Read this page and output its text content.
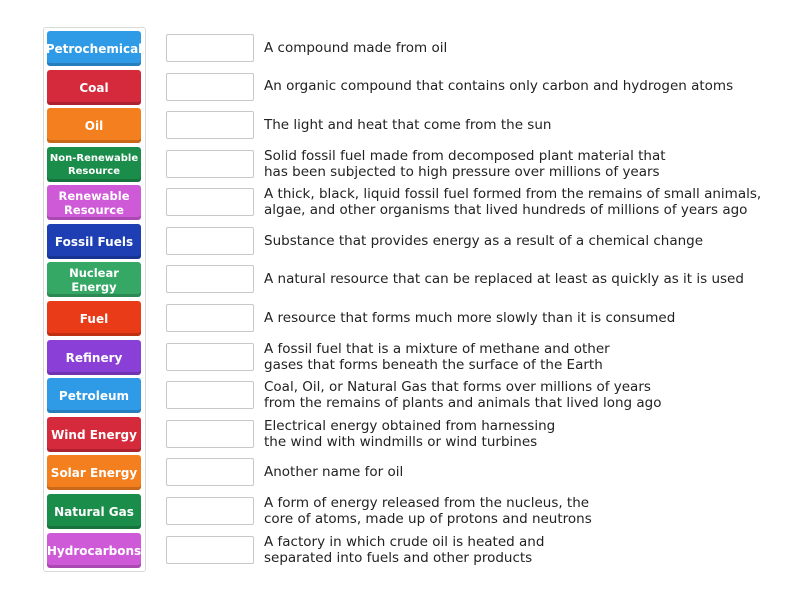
Petrochemical
Coal
Oil
Non-Renewable
Resource
Renewable
Resource
Fossil Fuels
Nuclear
Energy
Fuel
Refinery
Petroleum
Wind Energy
Solar Energy
Natural Gas
Hydrocarbons
A compound made from oil
An organic compound that contains only carbon and hydrogen atoms
The light and heat that come from the sun
Solid fossil fuel made from decomposed plant material that
has been subjected to high pressure over millions of years
A thick, black, liquid fossil fuel formed from the remains of small animals,
algae, and other organisms that lived hundreds of millions of years ago
Substance that provides energy as a result of a chemical change
A natural resource that can be replaced at least as quickly as it is used
A resource that forms much more slowly than it is consumed
A fossil fuel that is a mixture of methane and other
gases that forms beneath the surface of the Earth
Coal, Oil, or Natural Gas that forms over millions of years
from the remains of plants and animals that lived long ago
Electrical energy obtained from harnessing
the wind with windmills or wind turbines
Another name for oil
A form of energy released from the nucleus, the
core of atoms, made up of protons and neutrons
A factory in which crude oil is heated and
separated into fuels and other products
